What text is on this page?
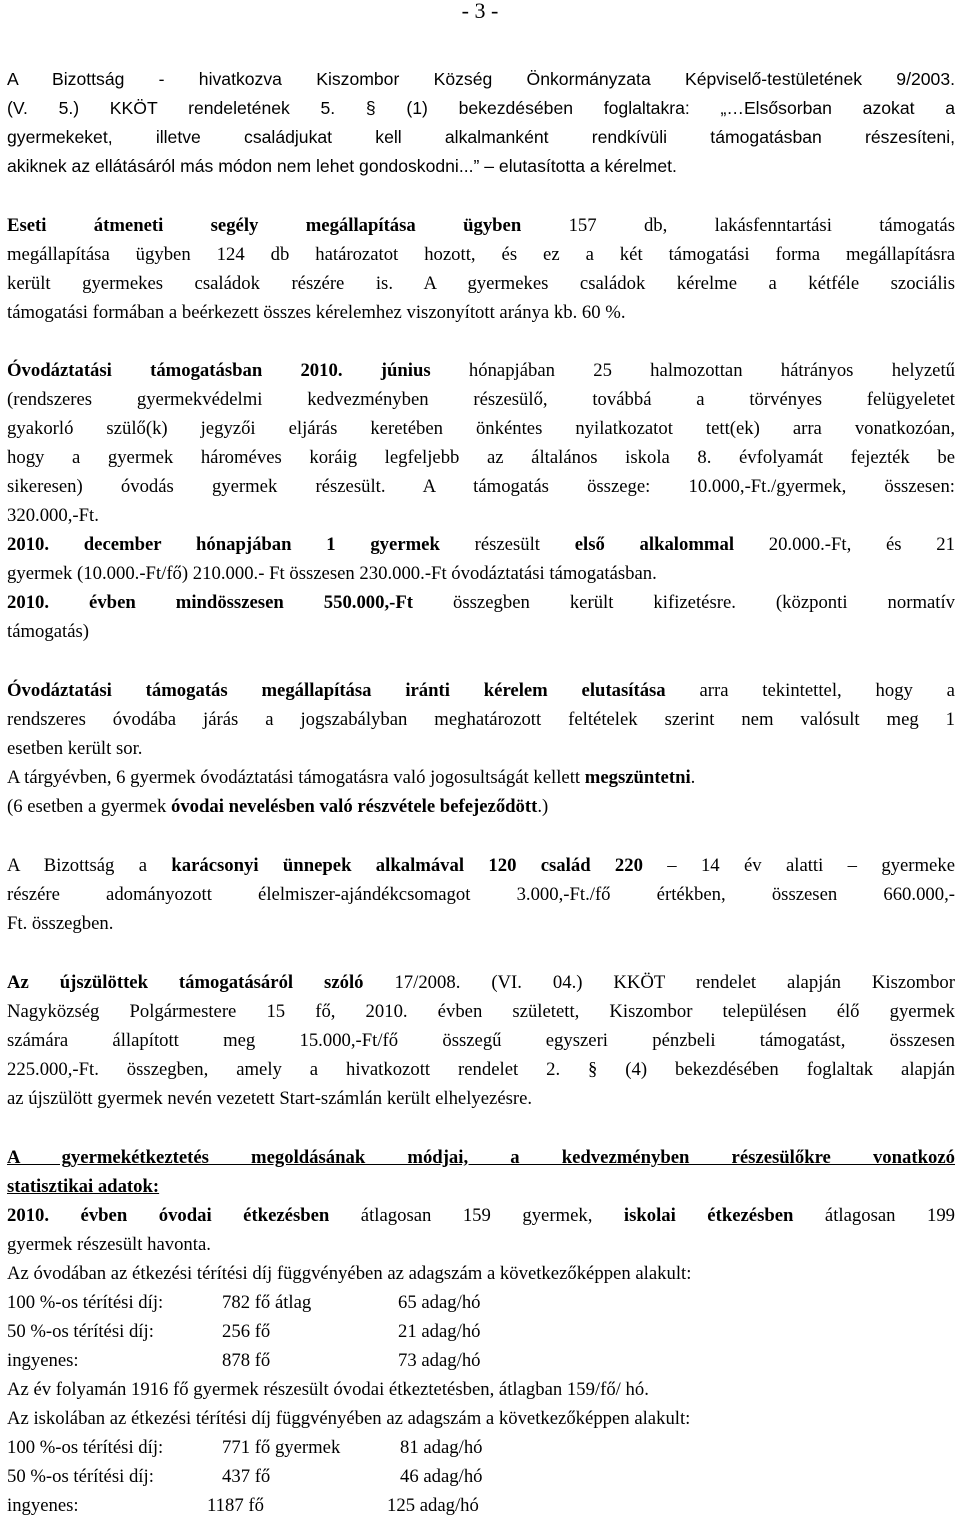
- 3 -
A Bizottság - hivatkozva Kiszombor Község Önkormányzata Képviselő-testületének 9/2003.
(V. 5.) KKÖT rendeletének 5. § (1) bekezdésében foglaltakra: „…Elsősorban azokat a
gyermekeket, illetve családjukat kell alkalmanként rendkívüli támogatásban részesíteni,
akiknek az ellátásáról más módon nem lehet gondoskodni...” – elutasította a kérelmet.
Eseti átmeneti segély megállapítása ügyben 157 db, lakásfenntartási támogatás
megállapítása ügyben 124 db határozatot hozott, és ez a két támogatási forma megállapításra
került gyermekes családok részére is. A gyermekes családok kérelme a kétféle szociális
támogatási formában a beérkezett összes kérelemhez viszonyított aránya kb. 60 %.
Óvodáztatási támogatásban 2010. június hónapjában 25 halmozottan hátrányos helyzetű
(rendszeres gyermekvédelmi kedvezményben részesülő, továbbá a törvényes felügyeletet
gyakorló szülő(k) jegyzői eljárás keretében önkéntes nyilatkozatot tett(ek) arra vonatkozóan,
hogy a gyermek hároméves koráig legfeljebb az általános iskola 8. évfolyamát fejezték be
sikeresen) óvodás gyermek részesült. A támogatás összege: 10.000,-Ft./gyermek, összesen:
320.000,-Ft.
2010. december hónapjában 1 gyermek részesült első alkalommal 20.000.-Ft, és 21
gyermek (10.000.-Ft/fő) 210.000.- Ft összesen 230.000.-Ft óvodáztatási támogatásban.
2010. évben mindösszesen 550.000,-Ft összegben került kifizetésre. (központi normatív
támogatás)
Óvodáztatási támogatás megállapítása iránti kérelem elutasítása arra tekintettel, hogy a
rendszeres óvodába járás a jogszabályban meghatározott feltételek szerint nem valósult meg 1
esetben került sor.
A tárgyévben, 6 gyermek óvodáztatási támogatásra való jogosultságát kellett megszüntetni.
(6 esetben a gyermek óvodai nevelésben való részvétele befejeződött.)
A Bizottság a karácsonyi ünnepek alkalmával 120 család 220 – 14 év alatti – gyermeke
részére adományozott élelmiszer-ajándékcsomagot 3.000,-Ft./fő értékben, összesen 660.000,-
Ft. összegben.
Az újszülöttek támogatásáról szóló 17/2008. (VI. 04.) KKÖT rendelet alapján Kiszombor
Nagyközség Polgármestere 15 fő, 2010. évben született, Kiszombor településen élő gyermek
számára állapított meg 15.000,-Ft/fő összegű egyszeri pénzbeli támogatást, összesen
225.000,-Ft. összegben, amely a hivatkozott rendelet 2. § (4) bekezdésében foglaltak alapján
az újszülött gyermek nevén vezetett Start-számlán került elhelyezésre.
A gyermekétkeztetés megoldásának módjai, a kedvezményben részesülőkre vonatkozó
statisztikai adatok:
2010. évben óvodai étkezésben átlagosan 159 gyermek, iskolai étkezésben átlagosan 199
gyermek részesült havonta.
Az óvodában az étkezési térítési díj függvényében az adagszám a következőképpen alakult:
100 %-os térítési díj:	782 fő átlag	65 adag/hó
50 %-os térítési díj:	256 fő	21 adag/hó
ingyenes:	878 fő	73 adag/hó
Az év folyamán 1916 fő gyermek részesült óvodai étkeztetésben, átlagban 159/fő/ hó.
Az iskolában az étkezési térítési díj függvényében az adagszám a következőképpen alakult:
100 %-os térítési díj:	771 fő gyermek	81 adag/hó
50 %-os térítési díj:	437 fő	46 adag/hó
ingyenes:	1187 fő	125 adag/hó
